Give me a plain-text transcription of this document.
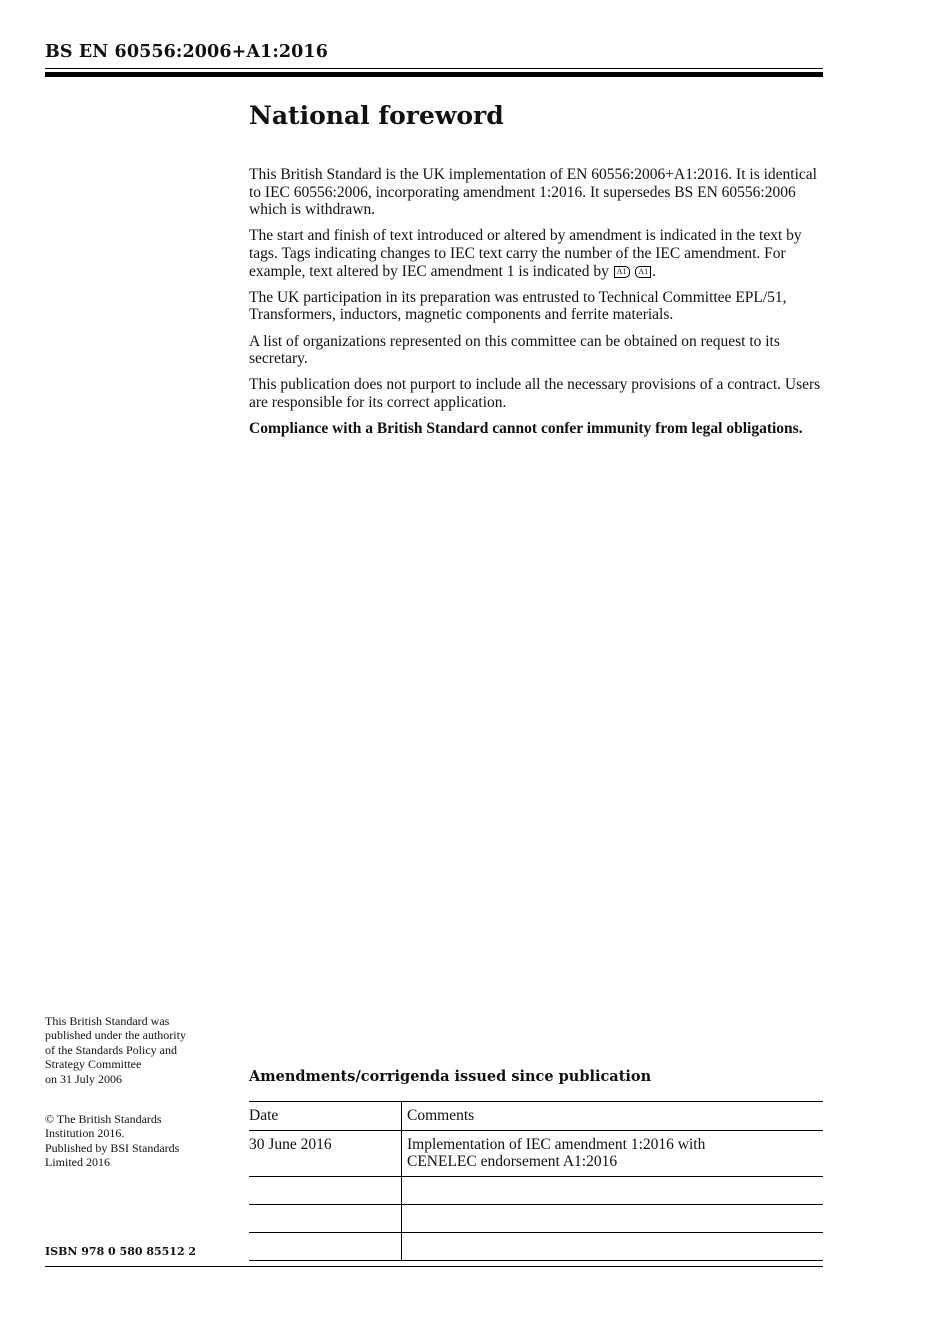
BS EN 60556:2006+A1:2016
National foreword

This British Standard is the UK implementation of EN 60556:2006+A1:2016. It is identical to IEC 60556:2006, incorporating amendment 1:2016. It supersedes BS EN 60556:2006 which is withdrawn.

The start and finish of text introduced or altered by amendment is indicated in the text by tags. Tags indicating changes to IEC text carry the number of the IEC amendment. For example, text altered by IEC amendment 1 is indicated by A1 A1 .

The UK participation in its preparation was entrusted to Technical Committee EPL/51, Transformers, inductors, magnetic components and ferrite materials.

A list of organizations represented on this committee can be obtained on request to its secretary.

This publication does not purport to include all the necessary provisions of a contract. Users are responsible for its correct application.

Compliance with a British Standard cannot confer immunity from legal obligations.

This British Standard was
published under the authority
of the Standards Policy and
Strategy Committee
on 31 July 2006
© The British Standards
Institution 2016.
Published by BSI Standards
Limited 2016
ISBN 978 0 580 85512 2
Amendments/corrigenda issued since publication
Date	Comments
30 June 2016	Implementation of IEC amendment 1:2016 with
CENELEC endorsement A1:2016
